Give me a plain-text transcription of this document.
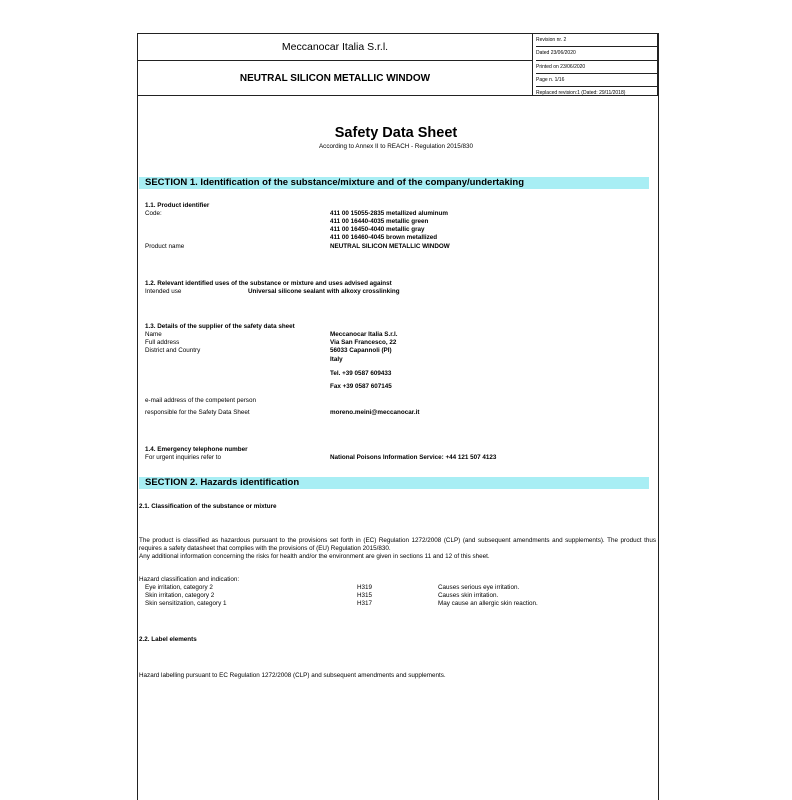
Meccanocar Italia S.r.l.
NEUTRAL SILICON METALLIC WINDOW
Revision nr. 2
Dated 23/06/2020
Printed on 23/06/2020
Page n. 1/16
Replaced revision:1 (Dated: 29/11/2018)
Safety Data Sheet
According to Annex II to REACH - Regulation 2015/830
SECTION 1. Identification of the substance/mixture and of the company/undertaking
1.1. Product identifier
Code:	411 00 15055-2835 metallized aluminum
411 00 16440-4035 metallic green
411 00 16450-4040 metallic gray
411 00 16460-4045 brown metallized
Product name	NEUTRAL SILICON METALLIC WINDOW
1.2. Relevant identified uses of the substance or mixture and uses advised against
Intended use	Universal silicone sealant with alkoxy crosslinking
1.3. Details of the supplier of the safety data sheet
Name	Meccanocar Italia S.r.l.
Full address	Via San Francesco, 22
District and Country	56033 Capannoli (PI)
Italy
Tel. +39 0587 609433
Fax +39 0587 607145
e-mail address of the competent person
responsible for the Safety Data Sheet	moreno.meini@meccanocar.it
1.4. Emergency telephone number
For urgent inquiries refer to	National Poisons Information Service: +44 121 507 4123
SECTION 2. Hazards identification
2.1. Classification of the substance or mixture
The product is classified as hazardous pursuant to the provisions set forth in (EC) Regulation 1272/2008 (CLP) (and subsequent amendments and supplements). The product thus requires a safety datasheet that complies with the provisions of (EU) Regulation 2015/830.
Any additional information concerning the risks for health and/or the environment are given in sections 11 and 12 of this sheet.
Hazard classification and indication:
Eye irritation, category 2	H319	Causes serious eye irritation.
Skin irritation, category 2	H315	Causes skin irritation.
Skin sensitization, category 1	H317	May cause an allergic skin reaction.
2.2. Label elements
Hazard labelling pursuant to EC Regulation 1272/2008 (CLP) and subsequent amendments and supplements.
